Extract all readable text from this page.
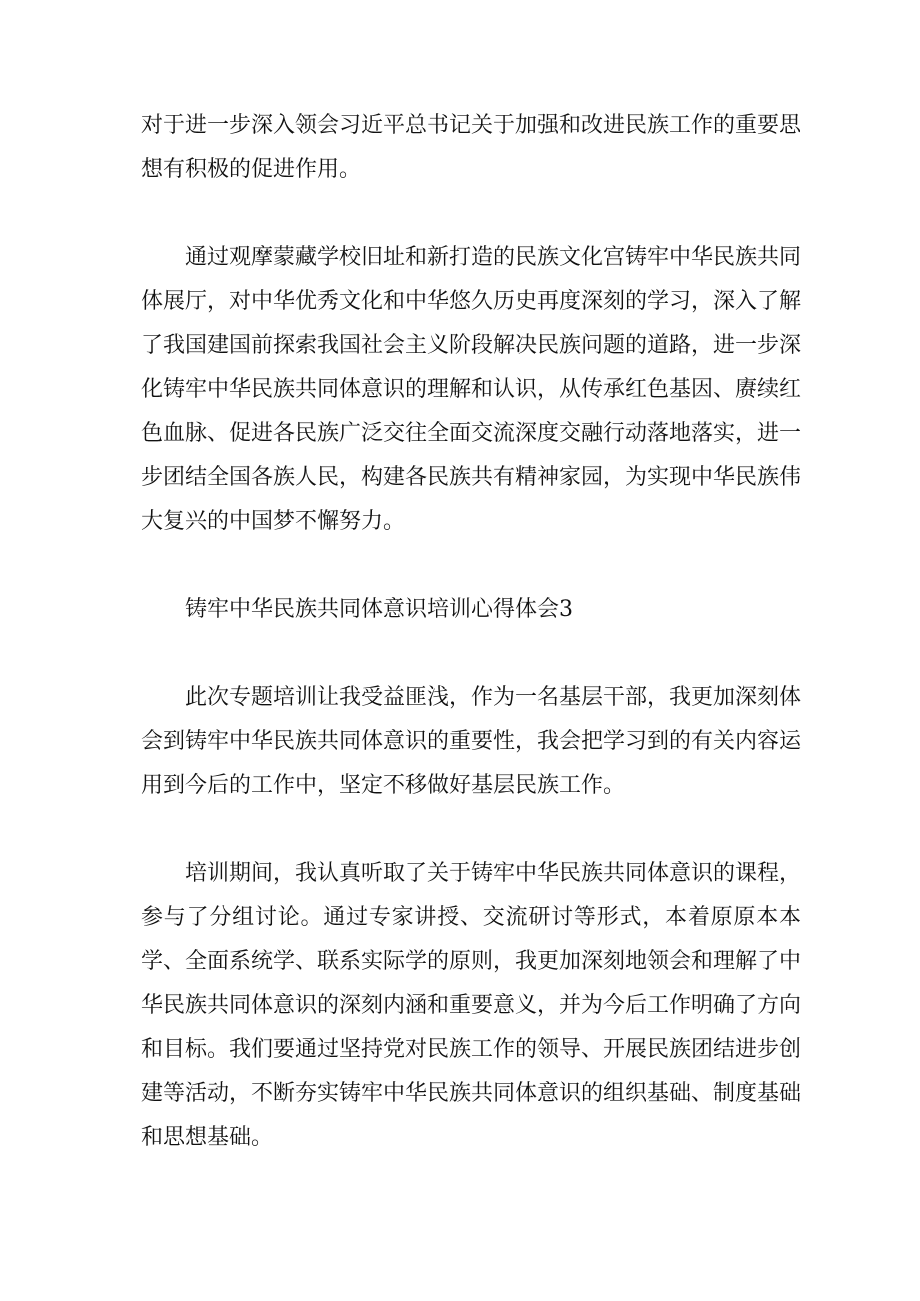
对于进一步深入领会习近平总书记关于加强和改进民族工作的重要思想有积极的促进作用。

通过观摩蒙藏学校旧址和新打造的民族文化宫铸牢中华民族共同体展厅，对中华优秀文化和中华悠久历史再度深刻的学习，深入了解了我国建国前探索我国社会主义阶段解决民族问题的道路，进一步深化铸牢中华民族共同体意识的理解和认识，从传承红色基因、赓续红色血脉、促进各民族广泛交往全面交流深度交融行动落地落实，进一步团结全国各族人民，构建各民族共有精神家园，为实现中华民族伟大复兴的中国梦不懈努力。

铸牢中华民族共同体意识培训心得体会3

此次专题培训让我受益匪浅，作为一名基层干部，我更加深刻体会到铸牢中华民族共同体意识的重要性，我会把学习到的有关内容运用到今后的工作中，坚定不移做好基层民族工作。

培训期间，我认真听取了关于铸牢中华民族共同体意识的课程，参与了分组讨论。通过专家讲授、交流研讨等形式，本着原原本本学、全面系统学、联系实际学的原则，我更加深刻地领会和理解了中华民族共同体意识的深刻内涵和重要意义，并为今后工作明确了方向和目标。我们要通过坚持党对民族工作的领导、开展民族团结进步创建等活动，不断夯实铸牢中华民族共同体意识的组织基础、制度基础和思想基础。
